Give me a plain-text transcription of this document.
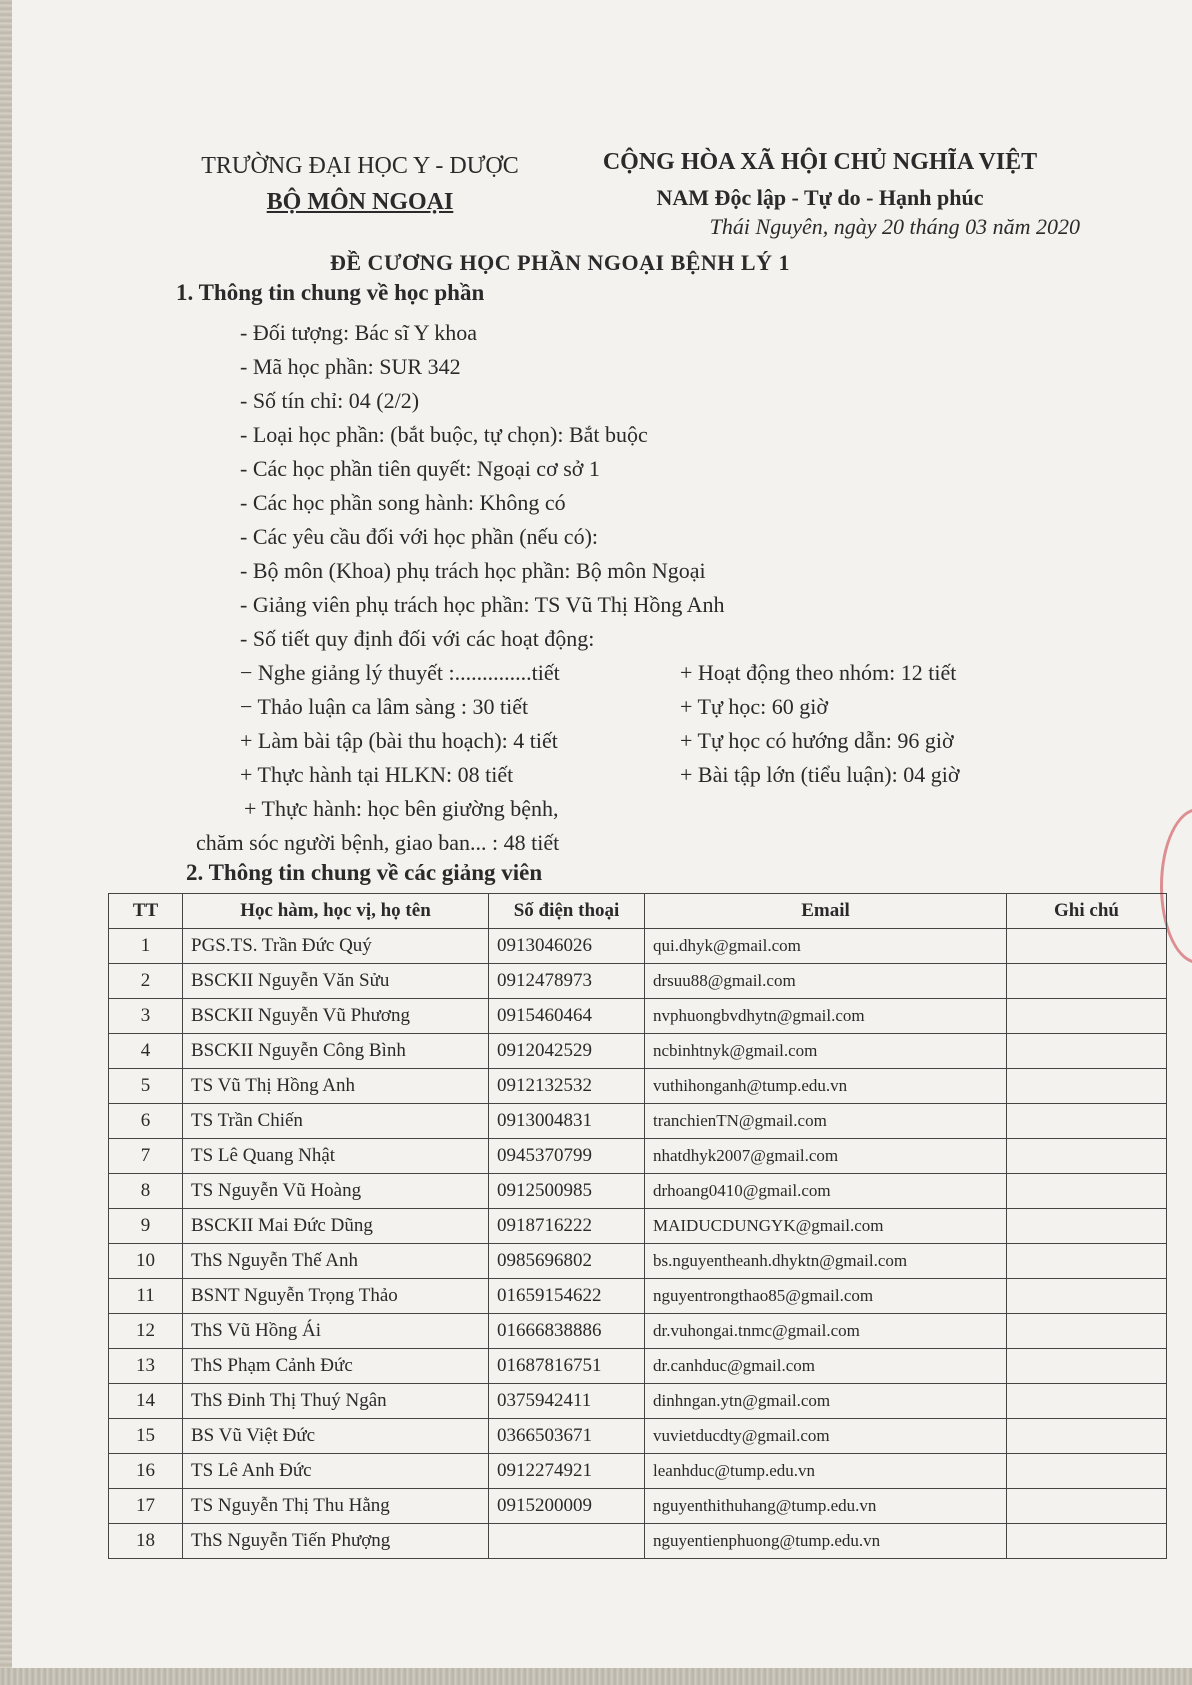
TRƯỜNG ĐẠI HỌC Y - DƯỢC
BỘ MÔN NGOẠI
CỘNG HÒA XÃ HỘI CHỦ NGHĨA VIỆT
NAM Độc lập - Tự do - Hạnh phúc
Thái Nguyên, ngày 20 tháng 03 năm 2020
ĐỀ CƯƠNG HỌC PHẦN NGOẠI BỆNH LÝ 1
1. Thông tin chung về học phần
- Đối tượng: Bác sĩ Y khoa
- Mã học phần: SUR 342
- Số tín chỉ: 04 (2/2)
- Loại học phần: (bắt buộc, tự chọn): Bắt buộc
- Các học phần tiên quyết: Ngoại cơ sở 1
- Các học phần song hành: Không có
- Các yêu cầu đối với học phần (nếu có):
- Bộ môn (Khoa) phụ trách học phần: Bộ môn Ngoại
- Giảng viên phụ trách học phần: TS Vũ Thị Hồng Anh
- Số tiết quy định đối với các hoạt động:
− Nghe giảng lý thuyết :..............tiết
− Thảo luận ca lâm sàng : 30 tiết
+ Làm bài tập (bài thu hoạch): 4 tiết
+ Thực hành tại HLKN: 08 tiết
+ Hoạt động theo nhóm: 12 tiết
+ Tự học: 60 giờ
+ Tự học có hướng dẫn: 96 giờ
+ Bài tập lớn (tiểu luận): 04 giờ
+ Thực hành: học bên giường bệnh,
chăm sóc người bệnh, giao ban... : 48 tiết
2. Thông tin chung về các giảng viên
TT	Học hàm, học vị, họ tên	Số điện thoại	Email	Ghi chú
1	PGS.TS. Trần Đức Quý	0913046026	qui.dhyk@gmail.com	
2	BSCKII Nguyễn Văn Sửu	0912478973	drsuu88@gmail.com	
3	BSCKII Nguyễn Vũ Phương	0915460464	nvphuongbvdhytn@gmail.com	
4	BSCKII Nguyễn Công Bình	0912042529	ncbinhtnyk@gmail.com	
5	TS Vũ Thị Hồng Anh	0912132532	vuthihonganh@tump.edu.vn	
6	TS Trần Chiến	0913004831	tranchienTN@gmail.com	
7	TS Lê Quang Nhật	0945370799	nhatdhyk2007@gmail.com	
8	TS Nguyễn Vũ Hoàng	0912500985	drhoang0410@gmail.com	
9	BSCKII Mai Đức Dũng	0918716222	MAIDUCDUNGYK@gmail.com	
10	ThS Nguyễn Thế Anh	0985696802	bs.nguyentheanh.dhyktn@gmail.com	
11	BSNT Nguyễn Trọng Thảo	01659154622	nguyentrongthao85@gmail.com	
12	ThS Vũ Hồng Ái	01666838886	dr.vuhongai.tnmc@gmail.com	
13	ThS Phạm Cảnh Đức	01687816751	dr.canhduc@gmail.com	
14	ThS Đinh Thị Thuý Ngân	0375942411	dinhngan.ytn@gmail.com	
15	BS Vũ Việt Đức	0366503671	vuvietducdty@gmail.com	
16	TS Lê Anh Đức	0912274921	leanhduc@tump.edu.vn	
17	TS Nguyễn Thị Thu Hằng	0915200009	nguyenthithuhang@tump.edu.vn	
18	ThS Nguyễn Tiến Phượng		nguyentienphuong@tump.edu.vn	
